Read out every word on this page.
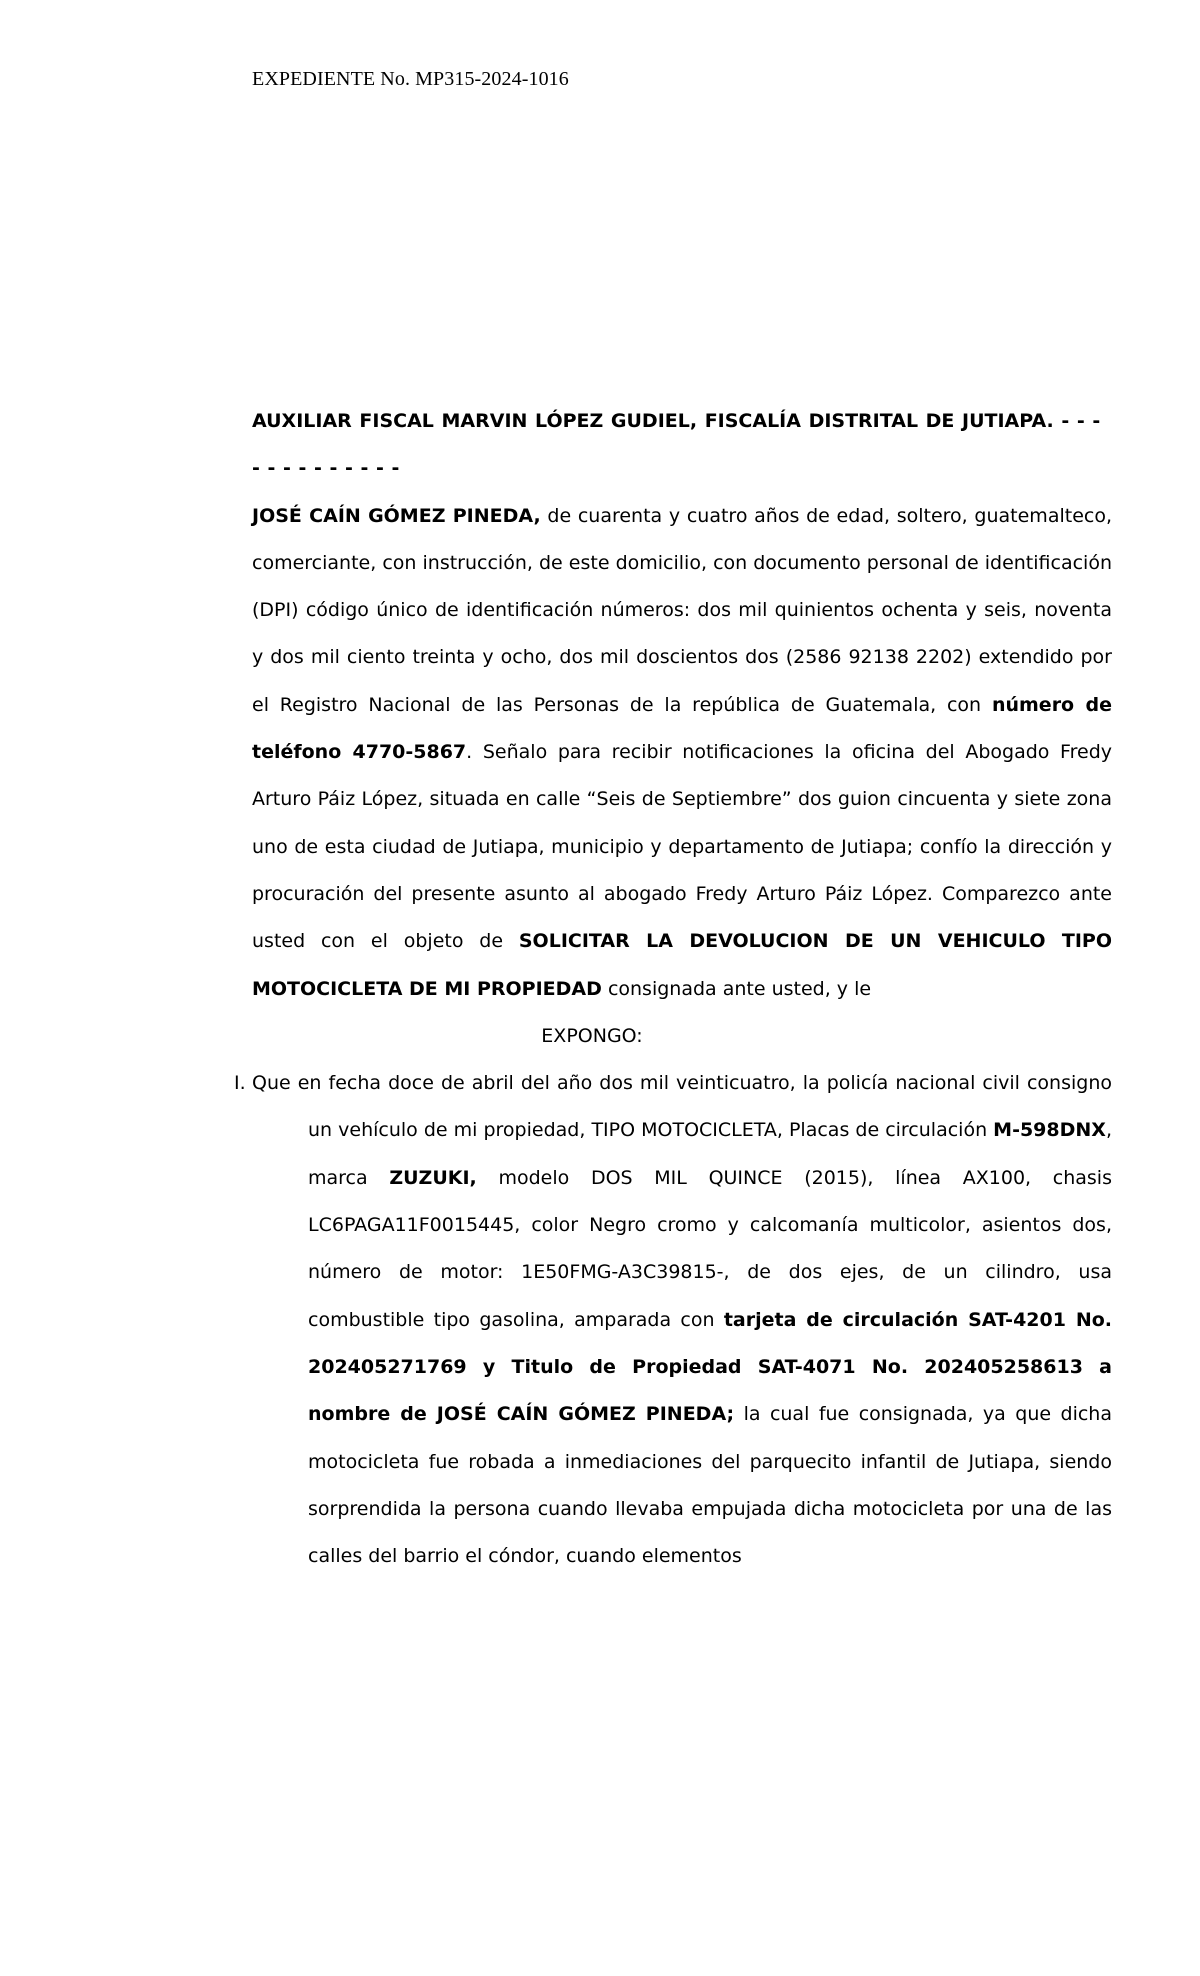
EXPEDIENTE No. MP315-2024-1016

AUXILIAR FISCAL MARVIN LÓPEZ GUDIEL, FISCALÍA DISTRITAL DE JUTIAPA. - - - - - - - - - - - - -

JOSÉ CAÍN GÓMEZ PINEDA, de cuarenta y cuatro años de edad, soltero, guatemalteco, comerciante, con instrucción, de este domicilio, con documento personal de identificación (DPI) código único de identificación números: dos mil quinientos ochenta y seis, noventa y dos mil ciento treinta y ocho, dos mil doscientos dos (2586 92138 2202) extendido por el Registro Nacional de las Personas de la república de Guatemala, con número de teléfono 4770-5867. Señalo para recibir notificaciones la oficina del Abogado Fredy Arturo Páiz López, situada en calle “Seis de Septiembre” dos guion cincuenta y siete zona uno de esta ciudad de Jutiapa, municipio y departamento de Jutiapa; confío la dirección y procuración del presente asunto al abogado Fredy Arturo Páiz López. Comparezco ante usted con el objeto de SOLICITAR LA DEVOLUCION DE UN VEHICULO TIPO MOTOCICLETA DE MI PROPIEDAD consignada ante usted, y le

EXPONGO:

I. Que en fecha doce de abril del año dos mil veinticuatro, la policía nacional civil consigno un vehículo de mi propiedad, TIPO MOTOCICLETA, Placas de circulación M-598DNX, marca ZUZUKI, modelo DOS MIL QUINCE (2015), línea AX100, chasis LC6PAGA11F0015445, color Negro cromo y calcomanía multicolor, asientos dos, número de motor: 1E50FMG-A3C39815-, de dos ejes, de un cilindro, usa combustible tipo gasolina, amparada con tarjeta de circulación SAT-4201 No. 202405271769 y Titulo de Propiedad SAT-4071 No. 202405258613 a nombre de JOSÉ CAÍN GÓMEZ PINEDA; la cual fue consignada, ya que dicha motocicleta fue robada a inmediaciones del parquecito infantil de Jutiapa, siendo sorprendida la persona cuando llevaba empujada dicha motocicleta por una de las calles del barrio el cóndor, cuando elementos
